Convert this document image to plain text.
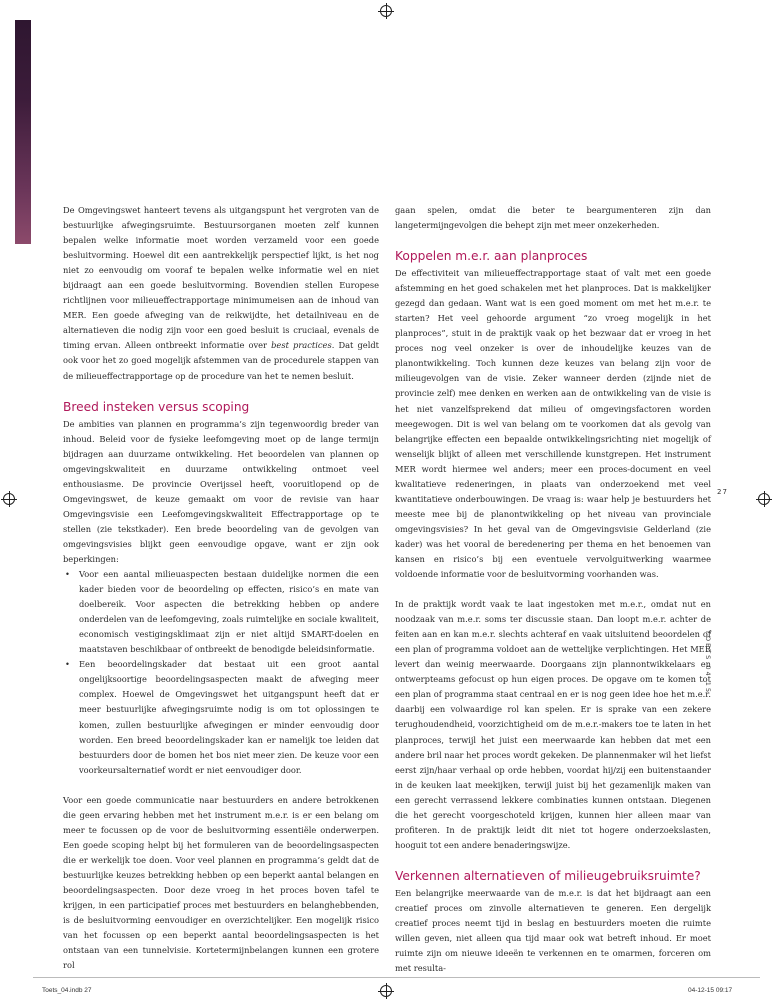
De Omgevingswet hanteert tevens als uitgangspunt het vergroten van de bestuurlijke afwegingsruimte. Bestuursorganen moeten zelf kunnen bepalen welke informatie moet worden verzameld voor een goede besluitvorming. Hoewel dit een aantrekkelijk perspectief lijkt, is het nog niet zo eenvoudig om vooraf te bepalen welke informatie wel en niet bijdraagt aan een goede besluitvorming. Bovendien stellen Europese richtlijnen voor milieueffectrapportage minimumeisen aan de inhoud van MER. Een goede afweging van de reikwijdte, het detailniveau en de alternatieven die nodig zijn voor een goed besluit is cruciaal, evenals de timing ervan. Alleen ontbreekt informatie over best practices. Dat geldt ook voor het zo goed mogelijk afstemmen van de procedurele stappen van de milieueffectrapportage op de procedure van het te nemen besluit.

Breed insteken versus scoping

De ambities van plannen en programma’s zijn tegenwoordig breder van inhoud. Beleid voor de fysieke leefomgeving moet op de lange termijn bijdragen aan duurzame ontwikkeling. Het beoordelen van plannen op omgevingskwaliteit en duurzame ontwikkeling ontmoet veel enthousiasme. De provincie Overijssel heeft, vooruitlopend op de Omgevingswet, de keuze gemaakt om voor de revisie van haar Omgevingsvisie een Leefomgevingskwaliteit Effectrapportage op te stellen (zie tekstkader). Een brede beoordeling van de gevolgen van omgevingsvisies blijkt geen eenvoudige opgave, want er zijn ook beperkingen:

• Voor een aantal milieuaspecten bestaan duidelijke normen die een kader bieden voor de beoordeling op effecten, risico’s en mate van doelbereik. Voor aspecten die betrekking hebben op andere onderdelen van de leefomgeving, zoals ruimtelijke en sociale kwaliteit, economisch vestigingsklimaat zijn er niet altijd SMART-doelen en maatstaven beschikbaar of ontbreekt de benodigde beleidsinformatie.
• Een beoordelingskader dat bestaat uit een groot aantal ongelijksoortige beoordelingsaspecten maakt de afweging meer complex. Hoewel de Omgevingswet het uitgangspunt heeft dat er meer bestuurlijke afwegingsruimte nodig is om tot oplossingen te komen, zullen bestuurlijke afwegingen er minder eenvoudig door worden. Een breed beoordelingskader kan er namelijk toe leiden dat bestuurders door de bomen het bos niet meer zien. De keuze voor een voorkeursalternatief wordt er niet eenvoudiger door.

Voor een goede communicatie naar bestuurders en andere betrokkenen die geen ervaring hebben met het instrument m.e.r. is er een belang om meer te focussen op de voor de besluitvorming essentiële onderwerpen. Een goede scoping helpt bij het formuleren van de beoordelingsaspecten die er werkelijk toe doen. Voor veel plannen en programma’s geldt dat de bestuurlijke keuzes betrekking hebben op een beperkt aantal belangen en beoordelingsaspecten. Door deze vroeg in het proces boven tafel te krijgen, in een participatief proces met bestuurders en belanghebbenden, is de besluitvorming eenvoudiger en overzichtelijker. Een mogelijk risico van het focussen op een beperkt aantal beoordelingsaspecten is het ontstaan van een tunnelvisie. Kortetermijnbelangen kunnen een grotere rol

gaan spelen, omdat die beter te beargumenteren zijn dan langetermijngevolgen die behept zijn met meer onzekerheden.

Koppelen m.e.r. aan planproces

De effectiviteit van milieueffectrapportage staat of valt met een goede afstemming en het goed schakelen met het planproces. Dat is makkelijker gezegd dan gedaan. Want wat is een goed moment om met het m.e.r. te starten? Het veel gehoorde argument “zo vroeg mogelijk in het planproces”, stuit in de praktijk vaak op het bezwaar dat er vroeg in het proces nog veel onzeker is over de inhoudelijke keuzes van de planontwikkeling. Toch kunnen deze keuzes van belang zijn voor de milieugevolgen van de visie. Zeker wanneer derden (zijnde niet de provincie zelf) mee denken en werken aan de ontwikkeling van de visie is het niet vanzelfsprekend dat milieu of omgevingsfactoren worden meegewogen. Dit is wel van belang om te voorkomen dat als gevolg van belangrijke effecten een bepaalde ontwikkelingsrichting niet mogelijk of wenselijk blijkt of alleen met verschillende kunstgrepen. Het instrument MER wordt hiermee wel anders; meer een proces-document en veel kwalitatieve redeneringen, in plaats van onderzoekend met veel kwantitatieve onderbouwingen. De vraag is: waar help je bestuurders het meeste mee bij de planontwikkeling op het niveau van provinciale omgevingsvisies? In het geval van de Omgevingsvisie Gelderland (zie kader) was het vooral de beredenering per thema en het benoemen van kansen en risico’s bij een eventuele vervolguitwerking waarmee voldoende informatie voor de besluitvorming voorhanden was.

In de praktijk wordt vaak te laat ingestoken met m.e.r., omdat nut en noodzaak van m.e.r. soms ter discussie staan. Dan loopt m.e.r. achter de feiten aan en kan m.e.r. slechts achteraf en vaak uitsluitend beoordelen of een plan of programma voldoet aan de wettelijke verplichtingen. Het MER levert dan weinig meerwaarde. Doorgaans zijn plannontwikkelaars en ontwerpteams gefocust op hun eigen proces. De opgave om te komen tot een plan of programma staat centraal en er is nog geen idee hoe het m.e.r. daarbij een volwaardige rol kan spelen. Er is sprake van een zekere terughoudendheid, voorzichtigheid om de m.e.r.-makers toe te laten in het planproces, terwijl het juist een meerwaarde kan hebben dat met een andere bril naar het proces wordt gekeken. De plannenmaker wil het liefst eerst zijn/haar verhaal op orde hebben, voordat hij/zij een buitenstaander in de keuken laat meekijken, terwijl juist bij het gezamenlijk maken van een gerecht verrassend lekkere combinaties kunnen ontstaan. Diegenen die het gerecht voorgeschoteld krijgen, kunnen hier alleen maar van profiteren. In de praktijk leidt dit niet tot hogere onderzoekslasten, hooguit tot een andere benaderingswijze.

Verkennen alternatieven of milieugebruiksruimte?

Een belangrijke meerwaarde van de m.e.r. is dat het bijdraagt aan een creatief proces om zinvolle alternatieven te generen. Een dergelijk creatief proces neemt tijd in beslag en bestuurders moeten die ruimte willen geven, niet alleen qua tijd maar ook wat betreft inhoud. Er moet ruimte zijn om nieuwe ideeën te verkennen en te omarmen, forceren om met resulta-

27
TOETS 04 15
Toets_04.indb 27	04-12-15 09:17
